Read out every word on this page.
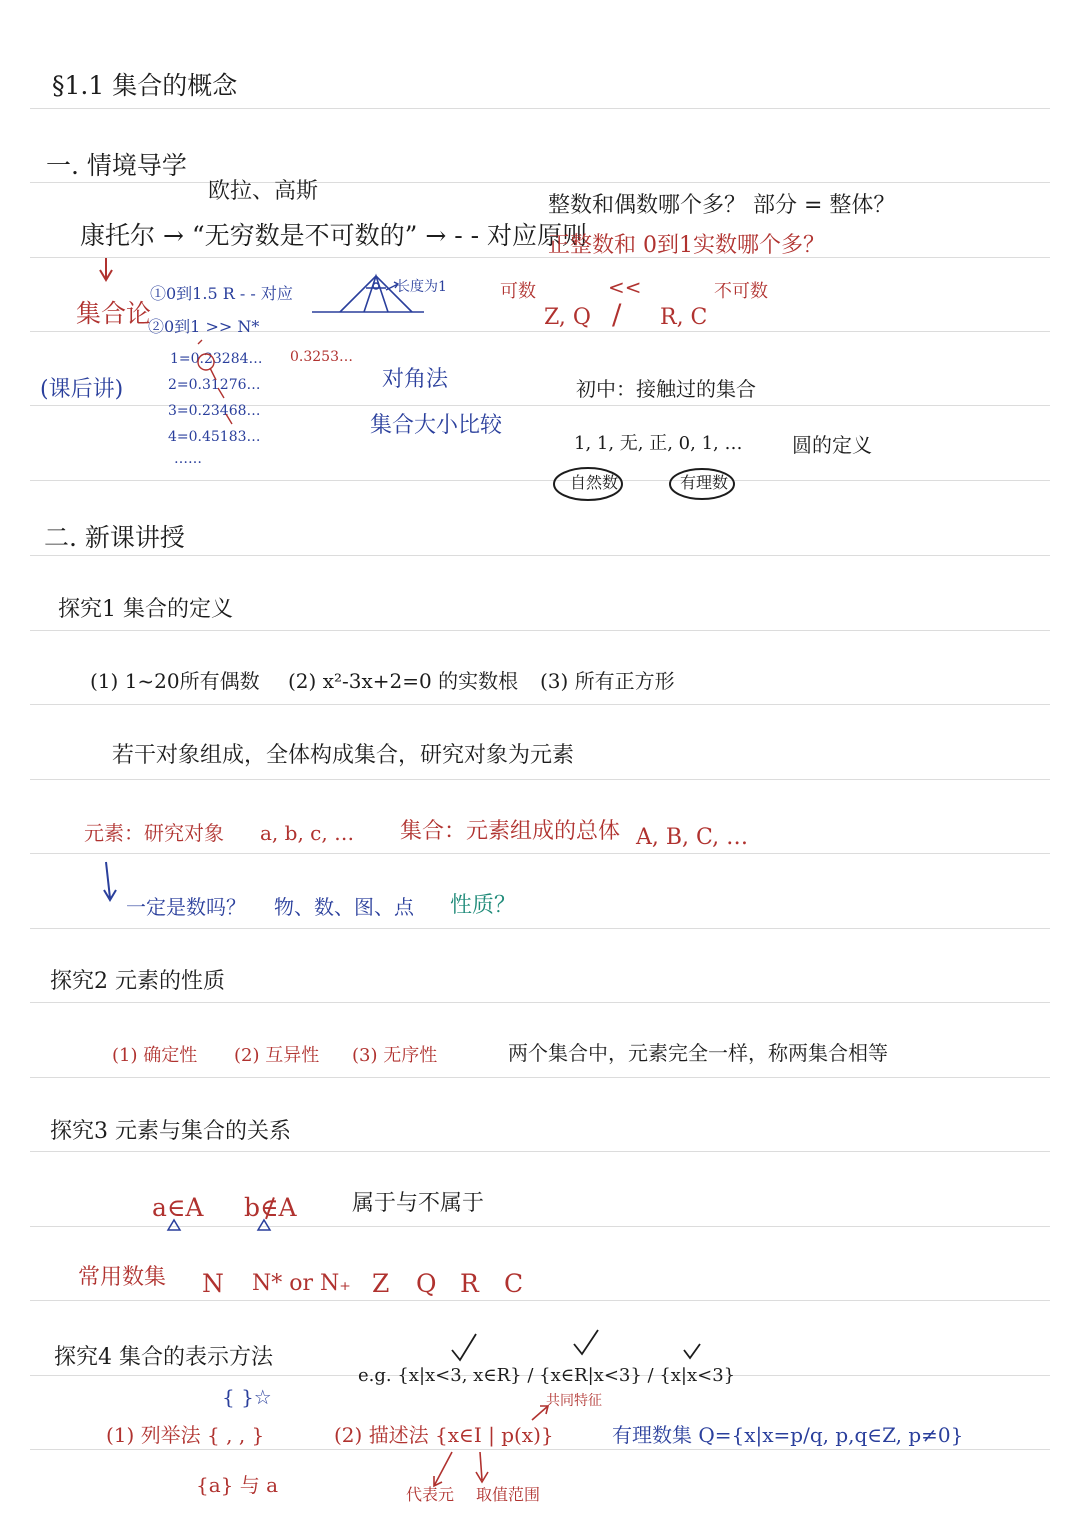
§1.1 集合的概念
一. 情境导学
欧拉、高斯
康托尔 → “无穷数是不可数的” → - - 对应原则
整数和偶数哪个多？ 部分 = 整体？
正整数和 0到1实数哪个多？
集合论
①0到1.5 R - - 对应
②0到1 >> N*
长度为1	可数	<<	不可数
Z, Q / R, C
1=0.23284…
2=0.31276…
3=0.23468…
4=0.45183…
……
0.3253…
(课后讲)	对角法
集合大小比较
初中：接触过的集合
1, 1, 无, 正, 0, 1, … 圆的定义
自然数	有理数
二. 新课讲授
探究1 集合的定义
(1) 1~20所有偶数 (2) x²-3x+2=0 的实数根 (3) 所有正方形
若干对象组成，全体构成集合，研究对象为元素
元素：研究对象 a, b, c, … 集合：元素组成的总体 A, B, C, …
一定是数吗？ 物、数、图、点 性质？
探究2 元素的性质
(1) 确定性 (2) 互异性 (3) 无序性	两个集合中，元素完全一样，称两集合相等
探究3 元素与集合的关系
a∈A b∉A	属于与不属于
常用数集 N N* or N₊ Z Q R C
探究4 集合的表示方法
e.g. {x|x<3, x∈R} / {x∈R|x<3} / {x|x<3}
{ }☆
(1) 列举法 { , , }
{a} 与 a
(2) 描述法 {x∈I | p(x)}
共同特征
代表元 取值范围
有理数集 Q={x|x=p/q, p,q∈Z, p≠0}
